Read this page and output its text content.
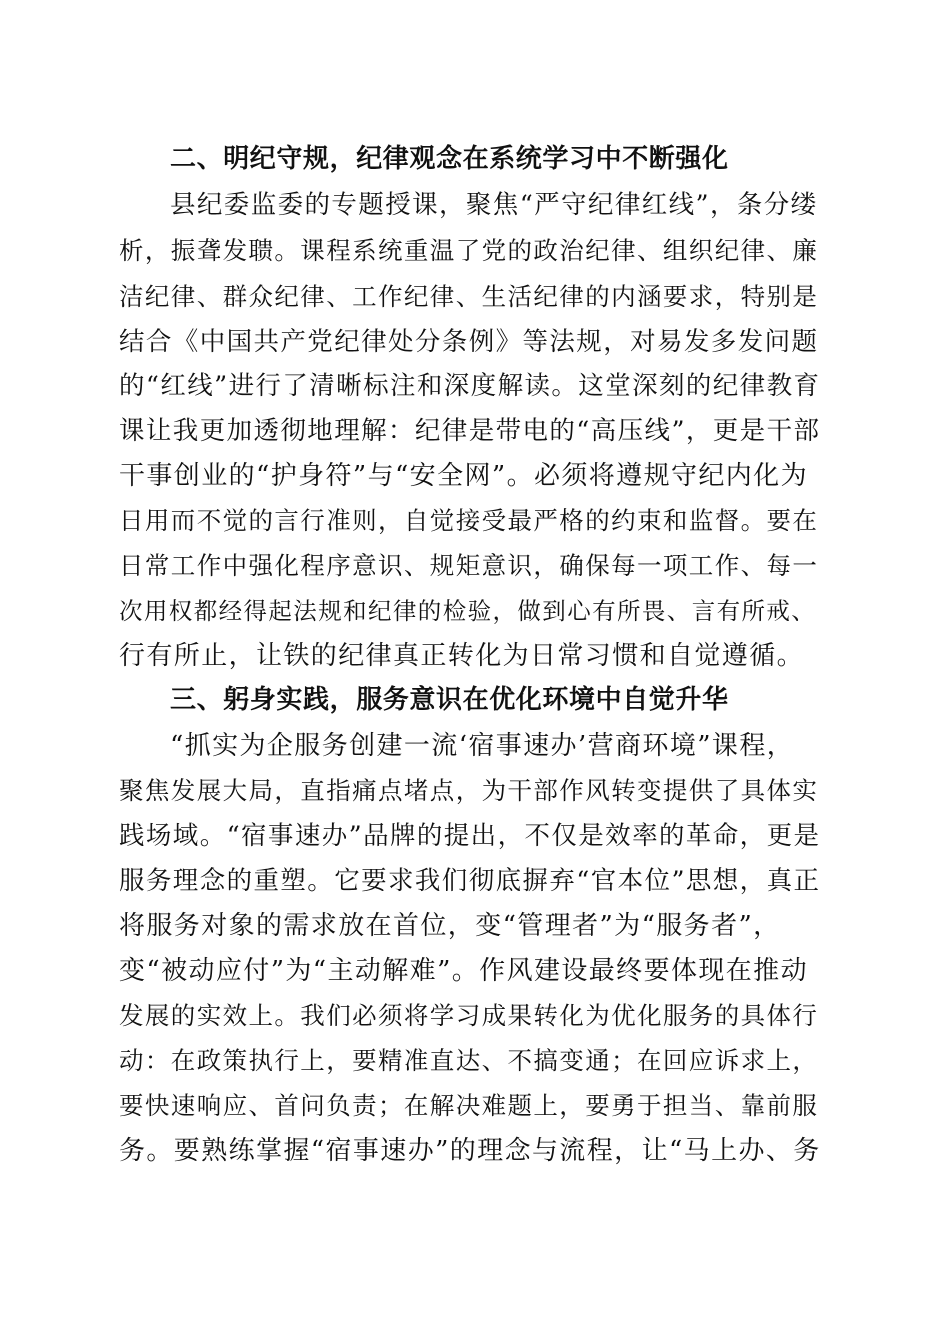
二、明纪守规，纪律观念在系统学习中不断强化
县纪委监委的专题授课，聚焦“严守纪律红线”，条分缕
析，振聋发聩。课程系统重温了党的政治纪律、组织纪律、廉
洁纪律、群众纪律、工作纪律、生活纪律的内涵要求，特别是
结合《中国共产党纪律处分条例》等法规，对易发多发问题
的“红线”进行了清晰标注和深度解读。这堂深刻的纪律教育
课让我更加透彻地理解：纪律是带电的“高压线”，更是干部
干事创业的“护身符”与“安全网”。必须将遵规守纪内化为
日用而不觉的言行准则，自觉接受最严格的约束和监督。要在
日常工作中强化程序意识、规矩意识，确保每一项工作、每一
次用权都经得起法规和纪律的检验，做到心有所畏、言有所戒、
行有所止，让铁的纪律真正转化为日常习惯和自觉遵循。
三、躬身实践，服务意识在优化环境中自觉升华
“抓实为企服务创建一流‘宿事速办’营商环境”课程，
聚焦发展大局，直指痛点堵点，为干部作风转变提供了具体实
践场域。“宿事速办”品牌的提出，不仅是效率的革命，更是
服务理念的重塑。它要求我们彻底摒弃“官本位”思想，真正
将服务对象的需求放在首位，变“管理者”为“服务者”，
变“被动应付”为“主动解难”。作风建设最终要体现在推动
发展的实效上。我们必须将学习成果转化为优化服务的具体行
动：在政策执行上，要精准直达、不搞变通；在回应诉求上，
要快速响应、首问负责；在解决难题上，要勇于担当、靠前服
务。要熟练掌握“宿事速办”的理念与流程，让“马上办、务
